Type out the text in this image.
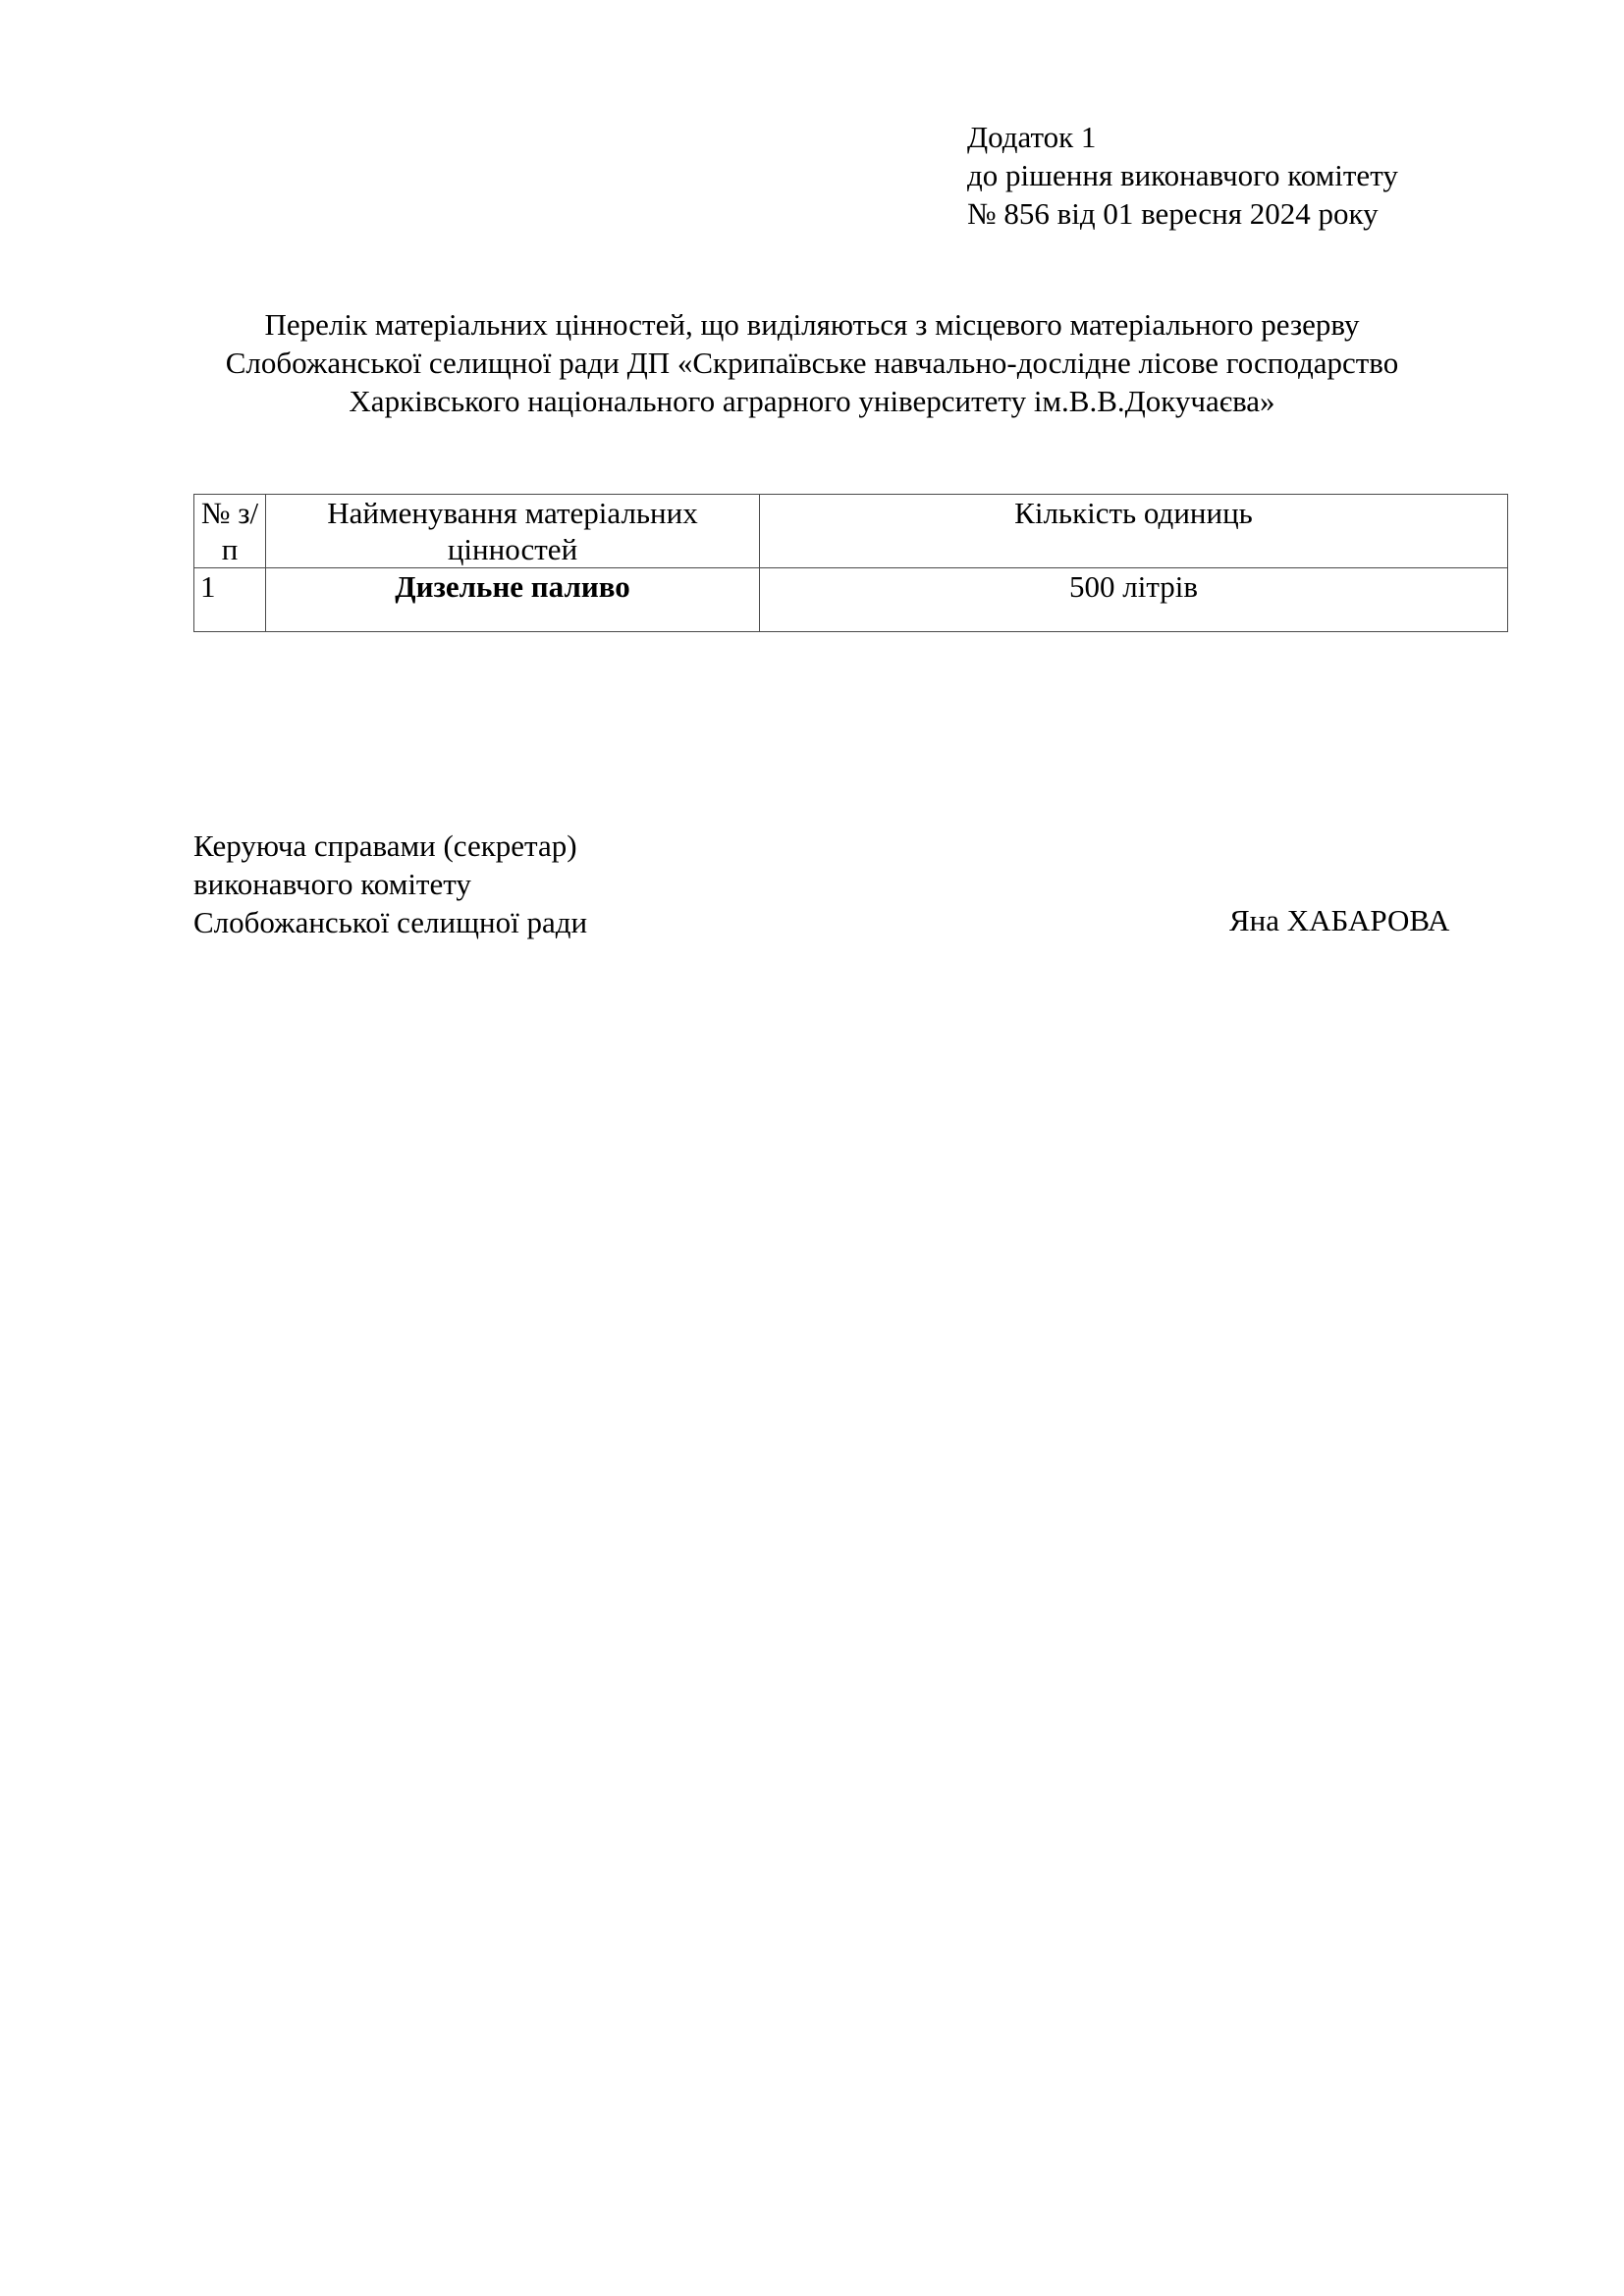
Додаток 1
до рішення виконавчого комітету
№ 856 від 01 вересня 2024 року
Перелік матеріальних цінностей, що виділяються з місцевого матеріального резерву
Слобожанської селищної ради ДП «Скрипаївське навчально-дослідне лісове господарство
Харківського національного аграрного університету ім.В.В.Докучаєва»
№ з/п	Найменування матеріальних цінностей	Кількість одиниць
1	Дизельне паливо	500 літрів
Керуюча справами (секретар)
виконавчого комітету
Слобожанської селищної ради	Яна ХАБАРОВА
